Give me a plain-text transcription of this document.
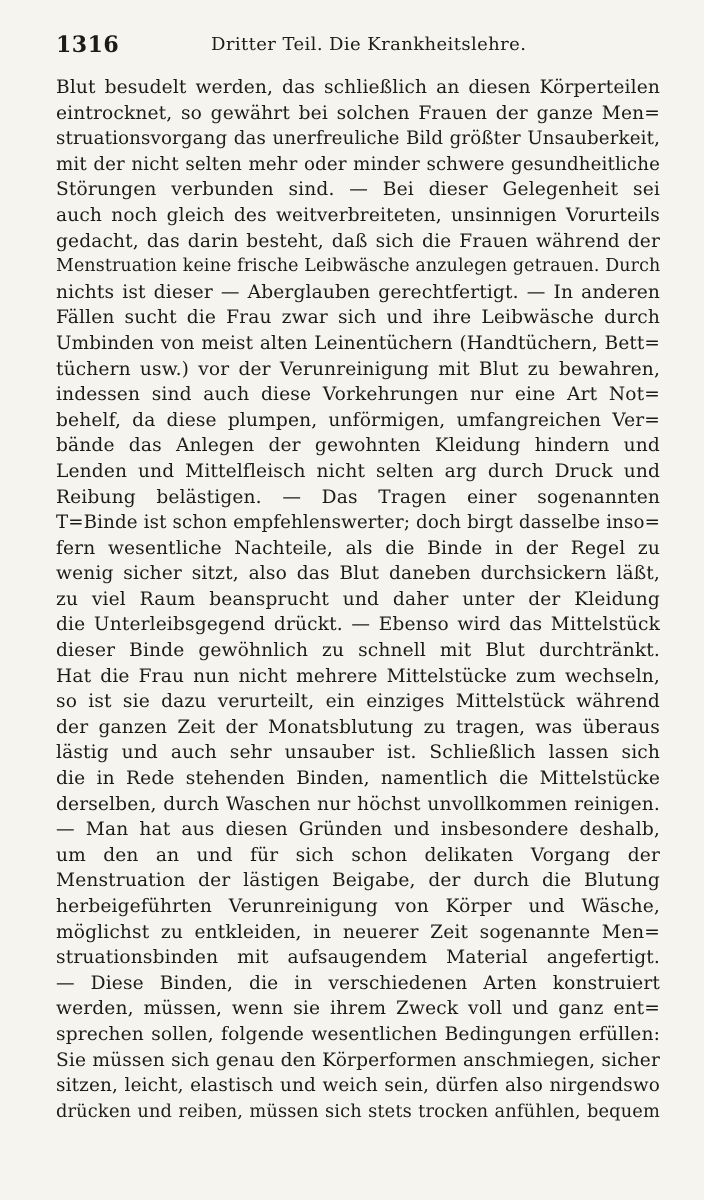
1316	Dritter Teil. Die Krankheitslehre.
Blut besudelt werden, das schließlich an diesen Körperteilen
eintrocknet, so gewährt bei solchen Frauen der ganze Men=
struationsvorgang das unerfreuliche Bild größter Unsauberkeit,
mit der nicht selten mehr oder minder schwere gesundheitliche
Störungen verbunden sind. — Bei dieser Gelegenheit sei
auch noch gleich des weitverbreiteten, unsinnigen Vorurteils
gedacht, das darin besteht, daß sich die Frauen während der
Menstruation keine frische Leibwäsche anzulegen getrauen. Durch
nichts ist dieser — Aberglauben gerechtfertigt. — In anderen
Fällen sucht die Frau zwar sich und ihre Leibwäsche durch
Umbinden von meist alten Leinentüchern (Handtüchern, Bett=
tüchern usw.) vor der Verunreinigung mit Blut zu bewahren,
indessen sind auch diese Vorkehrungen nur eine Art Not=
behelf, da diese plumpen, unförmigen, umfangreichen Ver=
bände das Anlegen der gewohnten Kleidung hindern und
Lenden und Mittelfleisch nicht selten arg durch Druck und
Reibung belästigen. — Das Tragen einer sogenannten
T=Binde ist schon empfehlenswerter; doch birgt dasselbe inso=
fern wesentliche Nachteile, als die Binde in der Regel zu
wenig sicher sitzt, also das Blut daneben durchsickern läßt,
zu viel Raum beansprucht und daher unter der Kleidung
die Unterleibsgegend drückt. — Ebenso wird das Mittelstück
dieser Binde gewöhnlich zu schnell mit Blut durchtränkt.
Hat die Frau nun nicht mehrere Mittelstücke zum wechseln,
so ist sie dazu verurteilt, ein einziges Mittelstück während
der ganzen Zeit der Monatsblutung zu tragen, was überaus
lästig und auch sehr unsauber ist. Schließlich lassen sich
die in Rede stehenden Binden, namentlich die Mittelstücke
derselben, durch Waschen nur höchst unvollkommen reinigen.
— Man hat aus diesen Gründen und insbesondere deshalb,
um den an und für sich schon delikaten Vorgang der
Menstruation der lästigen Beigabe, der durch die Blutung
herbeigeführten Verunreinigung von Körper und Wäsche,
möglichst zu entkleiden, in neuerer Zeit sogenannte Men=
struationsbinden mit aufsaugendem Material angefertigt.
— Diese Binden, die in verschiedenen Arten konstruiert
werden, müssen, wenn sie ihrem Zweck voll und ganz ent=
sprechen sollen, folgende wesentlichen Bedingungen erfüllen:
Sie müssen sich genau den Körperformen anschmiegen, sicher
sitzen, leicht, elastisch und weich sein, dürfen also nirgendswo
drücken und reiben, müssen sich stets trocken anfühlen, bequem
